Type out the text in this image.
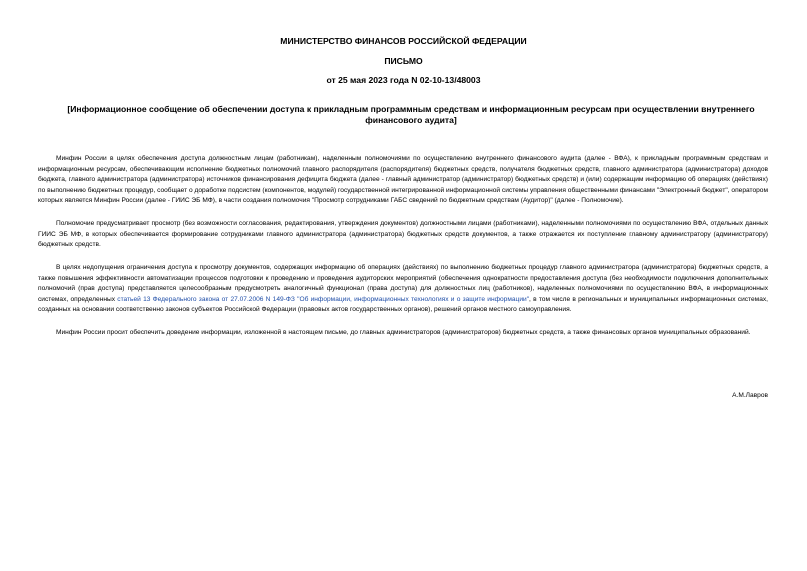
МИНИСТЕРСТВО ФИНАНСОВ РОССИЙСКОЙ ФЕДЕРАЦИИ
ПИСЬМО
от 25 мая 2023 года N 02-10-13/48003
[Информационное сообщение об обеспечении доступа к прикладным программным средствам и информационным ресурсам при осуществлении внутреннего финансового аудита]

Минфин России в целях обеспечения доступа должностным лицам (работникам), наделенным полномочиями по осуществлению внутреннего финансового аудита (далее - ВФА), к прикладным программным средствам и информационным ресурсам, обеспечивающим исполнение бюджетных полномочий главного распорядителя (распорядителя) бюджетных средств, получателя бюджетных средств, главного администратора (администратора) доходов бюджета, главного администратора (администратора) источников финансирования дефицита бюджета (далее - главный администратор (администратор) бюджетных средств) и (или) содержащим информацию об операциях (действиях) по выполнению бюджетных процедур, сообщает о доработке подсистем (компонентов, модулей) государственной интегрированной информационной системы управления общественными финансами "Электронный бюджет", оператором которых является Минфин России (далее - ГИИС ЭБ МФ), в части создания полномочия "Просмотр сотрудниками ГАБС сведений по бюджетным средствам (Аудитор)" (далее - Полномочие).

Полномочие предусматривает просмотр (без возможности согласования, редактирования, утверждения документов) должностными лицами (работниками), наделенными полномочиями по осуществлению ВФА, отдельных данных ГИИС ЭБ МФ, в которых обеспечивается формирование сотрудниками главного администратора (администратора) бюджетных средств документов, а также отражается их поступление главному администратору (администратору) бюджетных средств.

В целях недопущения ограничения доступа к просмотру документов, содержащих информацию об операциях (действиях) по выполнению бюджетных процедур главного администратора (администратора) бюджетных средств, а также повышения эффективности автоматизации процессов подготовки к проведению и проведения аудиторских мероприятий (обеспечения однократности предоставления доступа (без необходимости подключения дополнительных полномочий (прав доступа) представляется целесообразным предусмотреть аналогичный функционал (права доступа) для должностных лиц (работников), наделенных полномочиями по осуществлению ВФА, в информационных системах, определенных статьей 13 Федерального закона от 27.07.2006 N 149-ФЗ "Об информации, информационных технологиях и о защите информации", в том числе в региональных и муниципальных информационных системах, созданных на основании соответственно законов субъектов Российской Федерации (правовых актов государственных органов), решений органов местного самоуправления.

Минфин России просит обеспечить доведение информации, изложенной в настоящем письме, до главных администраторов (администраторов) бюджетных средств, а также финансовых органов муниципальных образований.

А.М.Лавров
